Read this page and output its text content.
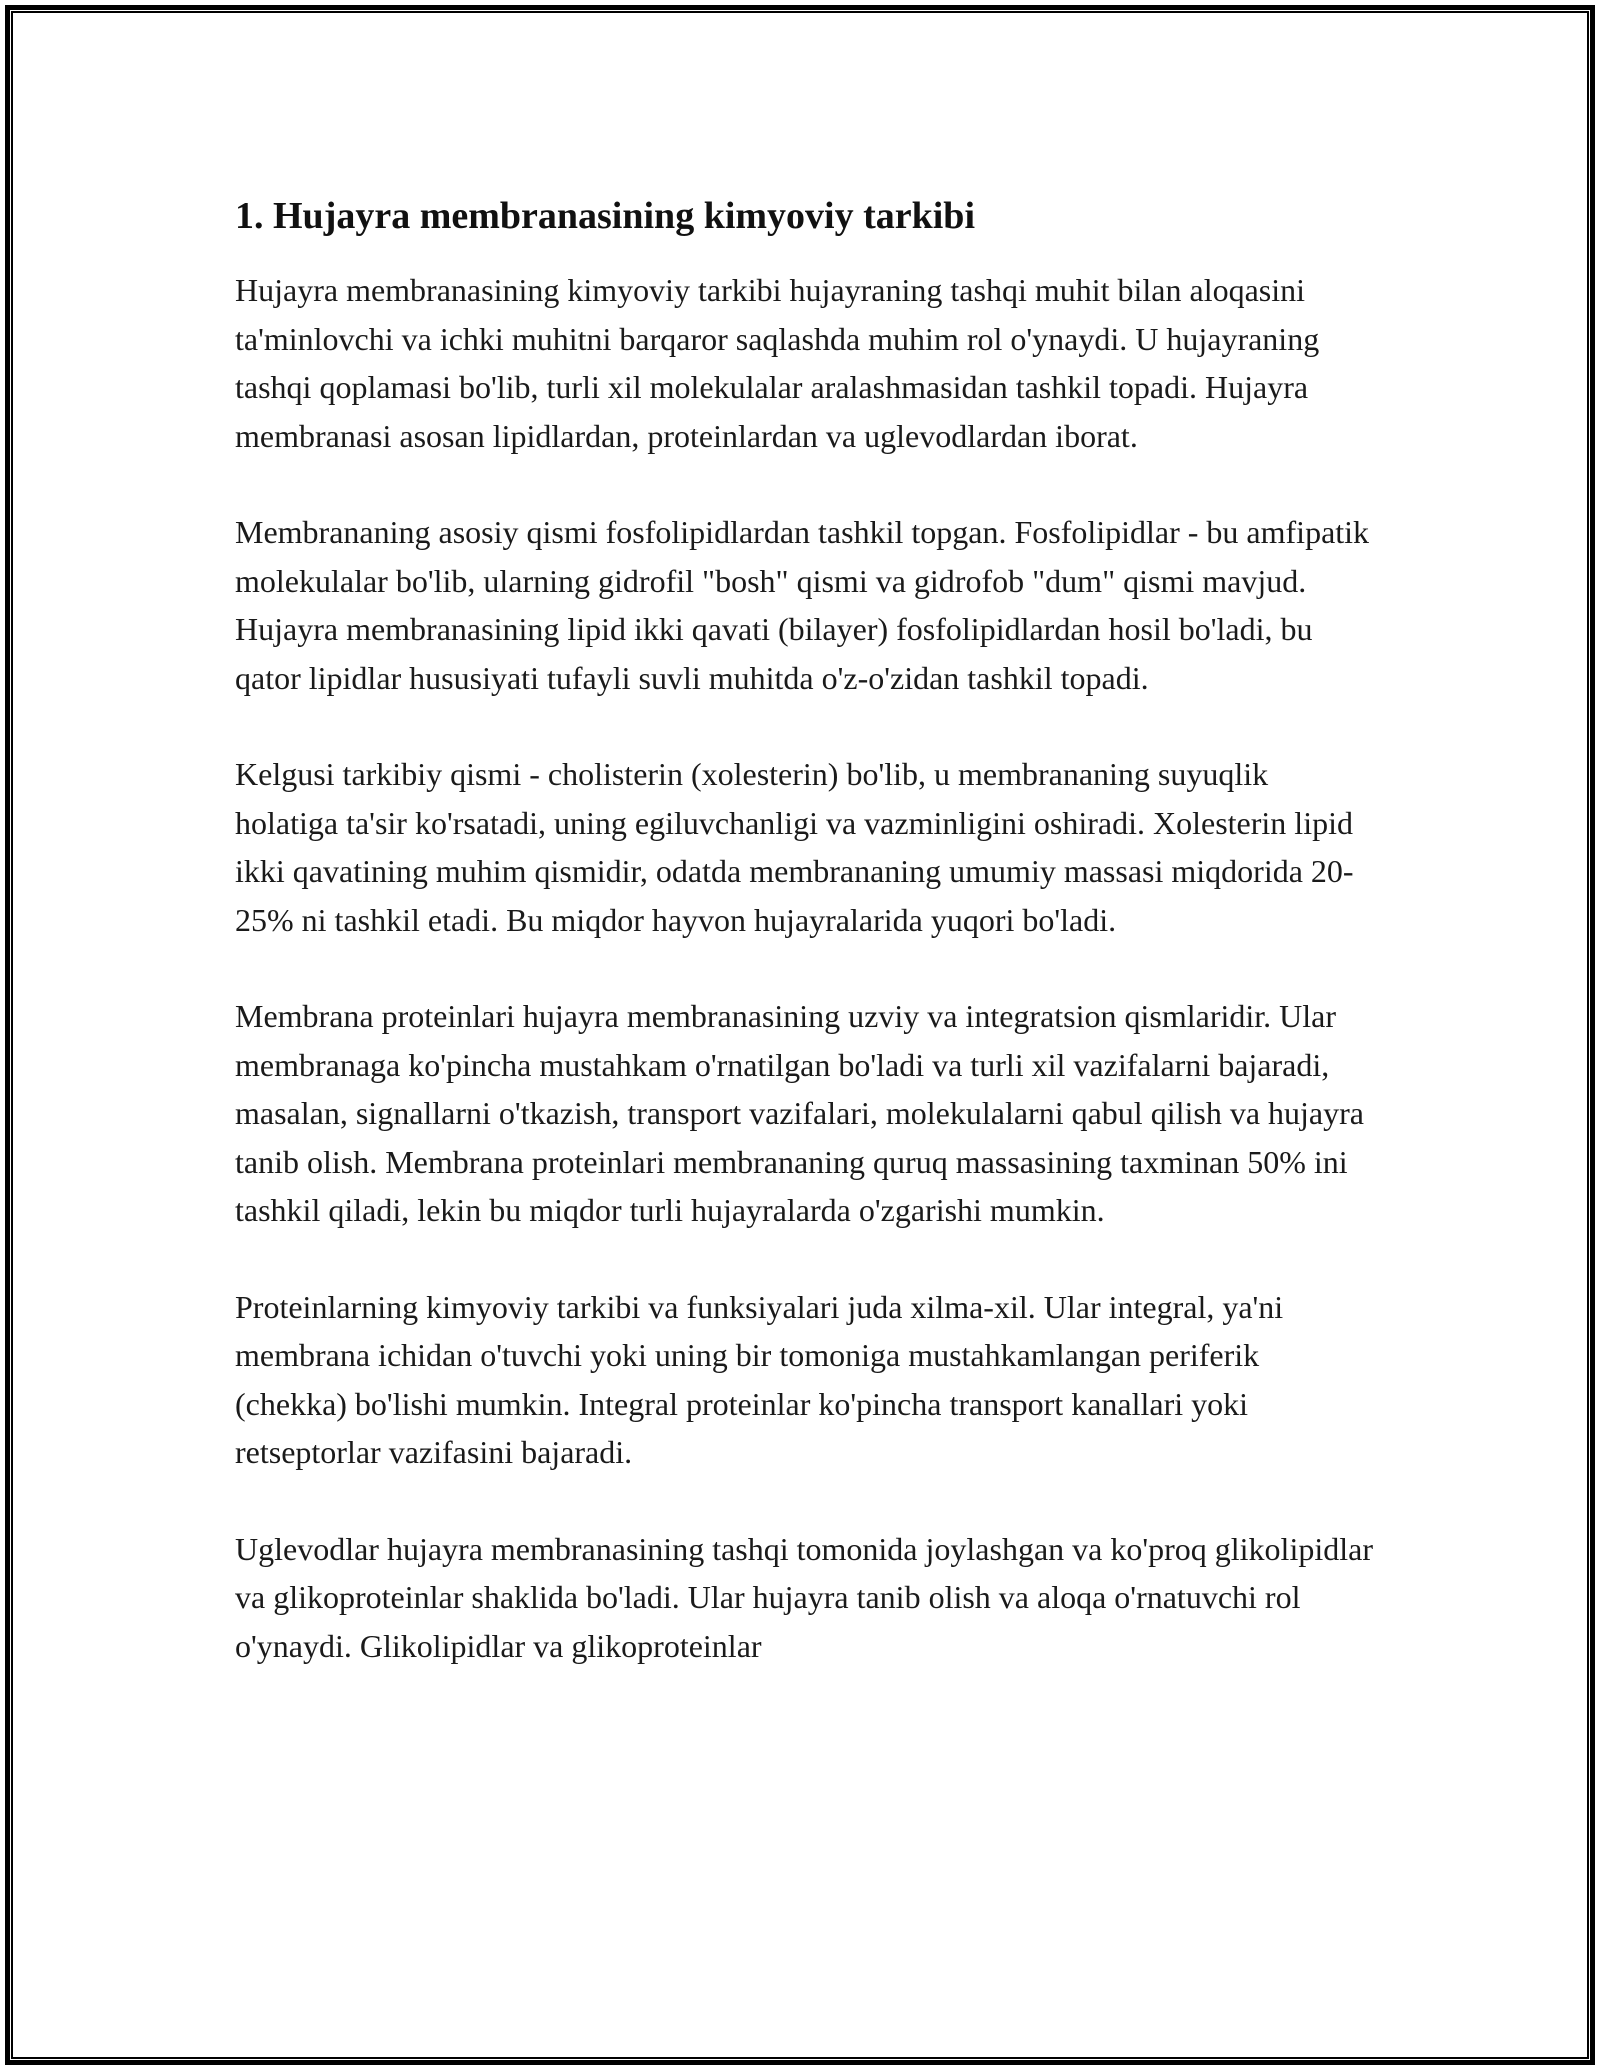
1. Hujayra membranasining kimyoviy tarkibi

Hujayra membranasining kimyoviy tarkibi hujayraning tashqi muhit bilan aloqasini ta'minlovchi va ichki muhitni barqaror saqlashda muhim rol o'ynaydi. U hujayraning tashqi qoplamasi bo'lib, turli xil molekulalar aralashmasidan tashkil topadi. Hujayra membranasi asosan lipidlardan, proteinlardan va uglevodlardan iborat.

Membrananing asosiy qismi fosfolipidlardan tashkil topgan. Fosfolipidlar - bu amfipatik molekulalar bo'lib, ularning gidrofil "bosh" qismi va gidrofob "dum" qismi mavjud. Hujayra membranasining lipid ikki qavati (bilayer) fosfolipidlardan hosil bo'ladi, bu qator lipidlar hususiyati tufayli suvli muhitda o'z-o'zidan tashkil topadi.

Kelgusi tarkibiy qismi - cholisterin (xolesterin) bo'lib, u membrananing suyuqlik holatiga ta'sir ko'rsatadi, uning egiluvchanligi va vazminligini oshiradi. Xolesterin lipid ikki qavatining muhim qismidir, odatda membrananing umumiy massasi miqdorida 20-25% ni tashkil etadi. Bu miqdor hayvon hujayralarida yuqori bo'ladi.

Membrana proteinlari hujayra membranasining uzviy va integratsion qismlaridir. Ular membranaga ko'pincha mustahkam o'rnatilgan bo'ladi va turli xil vazifalarni bajaradi, masalan, signallarni o'tkazish, transport vazifalari, molekulalarni qabul qilish va hujayra tanib olish. Membrana proteinlari membrananing quruq massasining taxminan 50% ini tashkil qiladi, lekin bu miqdor turli hujayralarda o'zgarishi mumkin.

Proteinlarning kimyoviy tarkibi va funksiyalari juda xilma-xil. Ular integral, ya'ni membrana ichidan o'tuvchi yoki uning bir tomoniga mustahkamlangan periferik (chekka) bo'lishi mumkin. Integral proteinlar ko'pincha transport kanallari yoki retseptorlar vazifasini bajaradi.

Uglevodlar hujayra membranasining tashqi tomonida joylashgan va ko'proq glikolipidlar va glikoproteinlar shaklida bo'ladi. Ular hujayra tanib olish va aloqa o'rnatuvchi rol o'ynaydi. Glikolipidlar va glikoproteinlar
